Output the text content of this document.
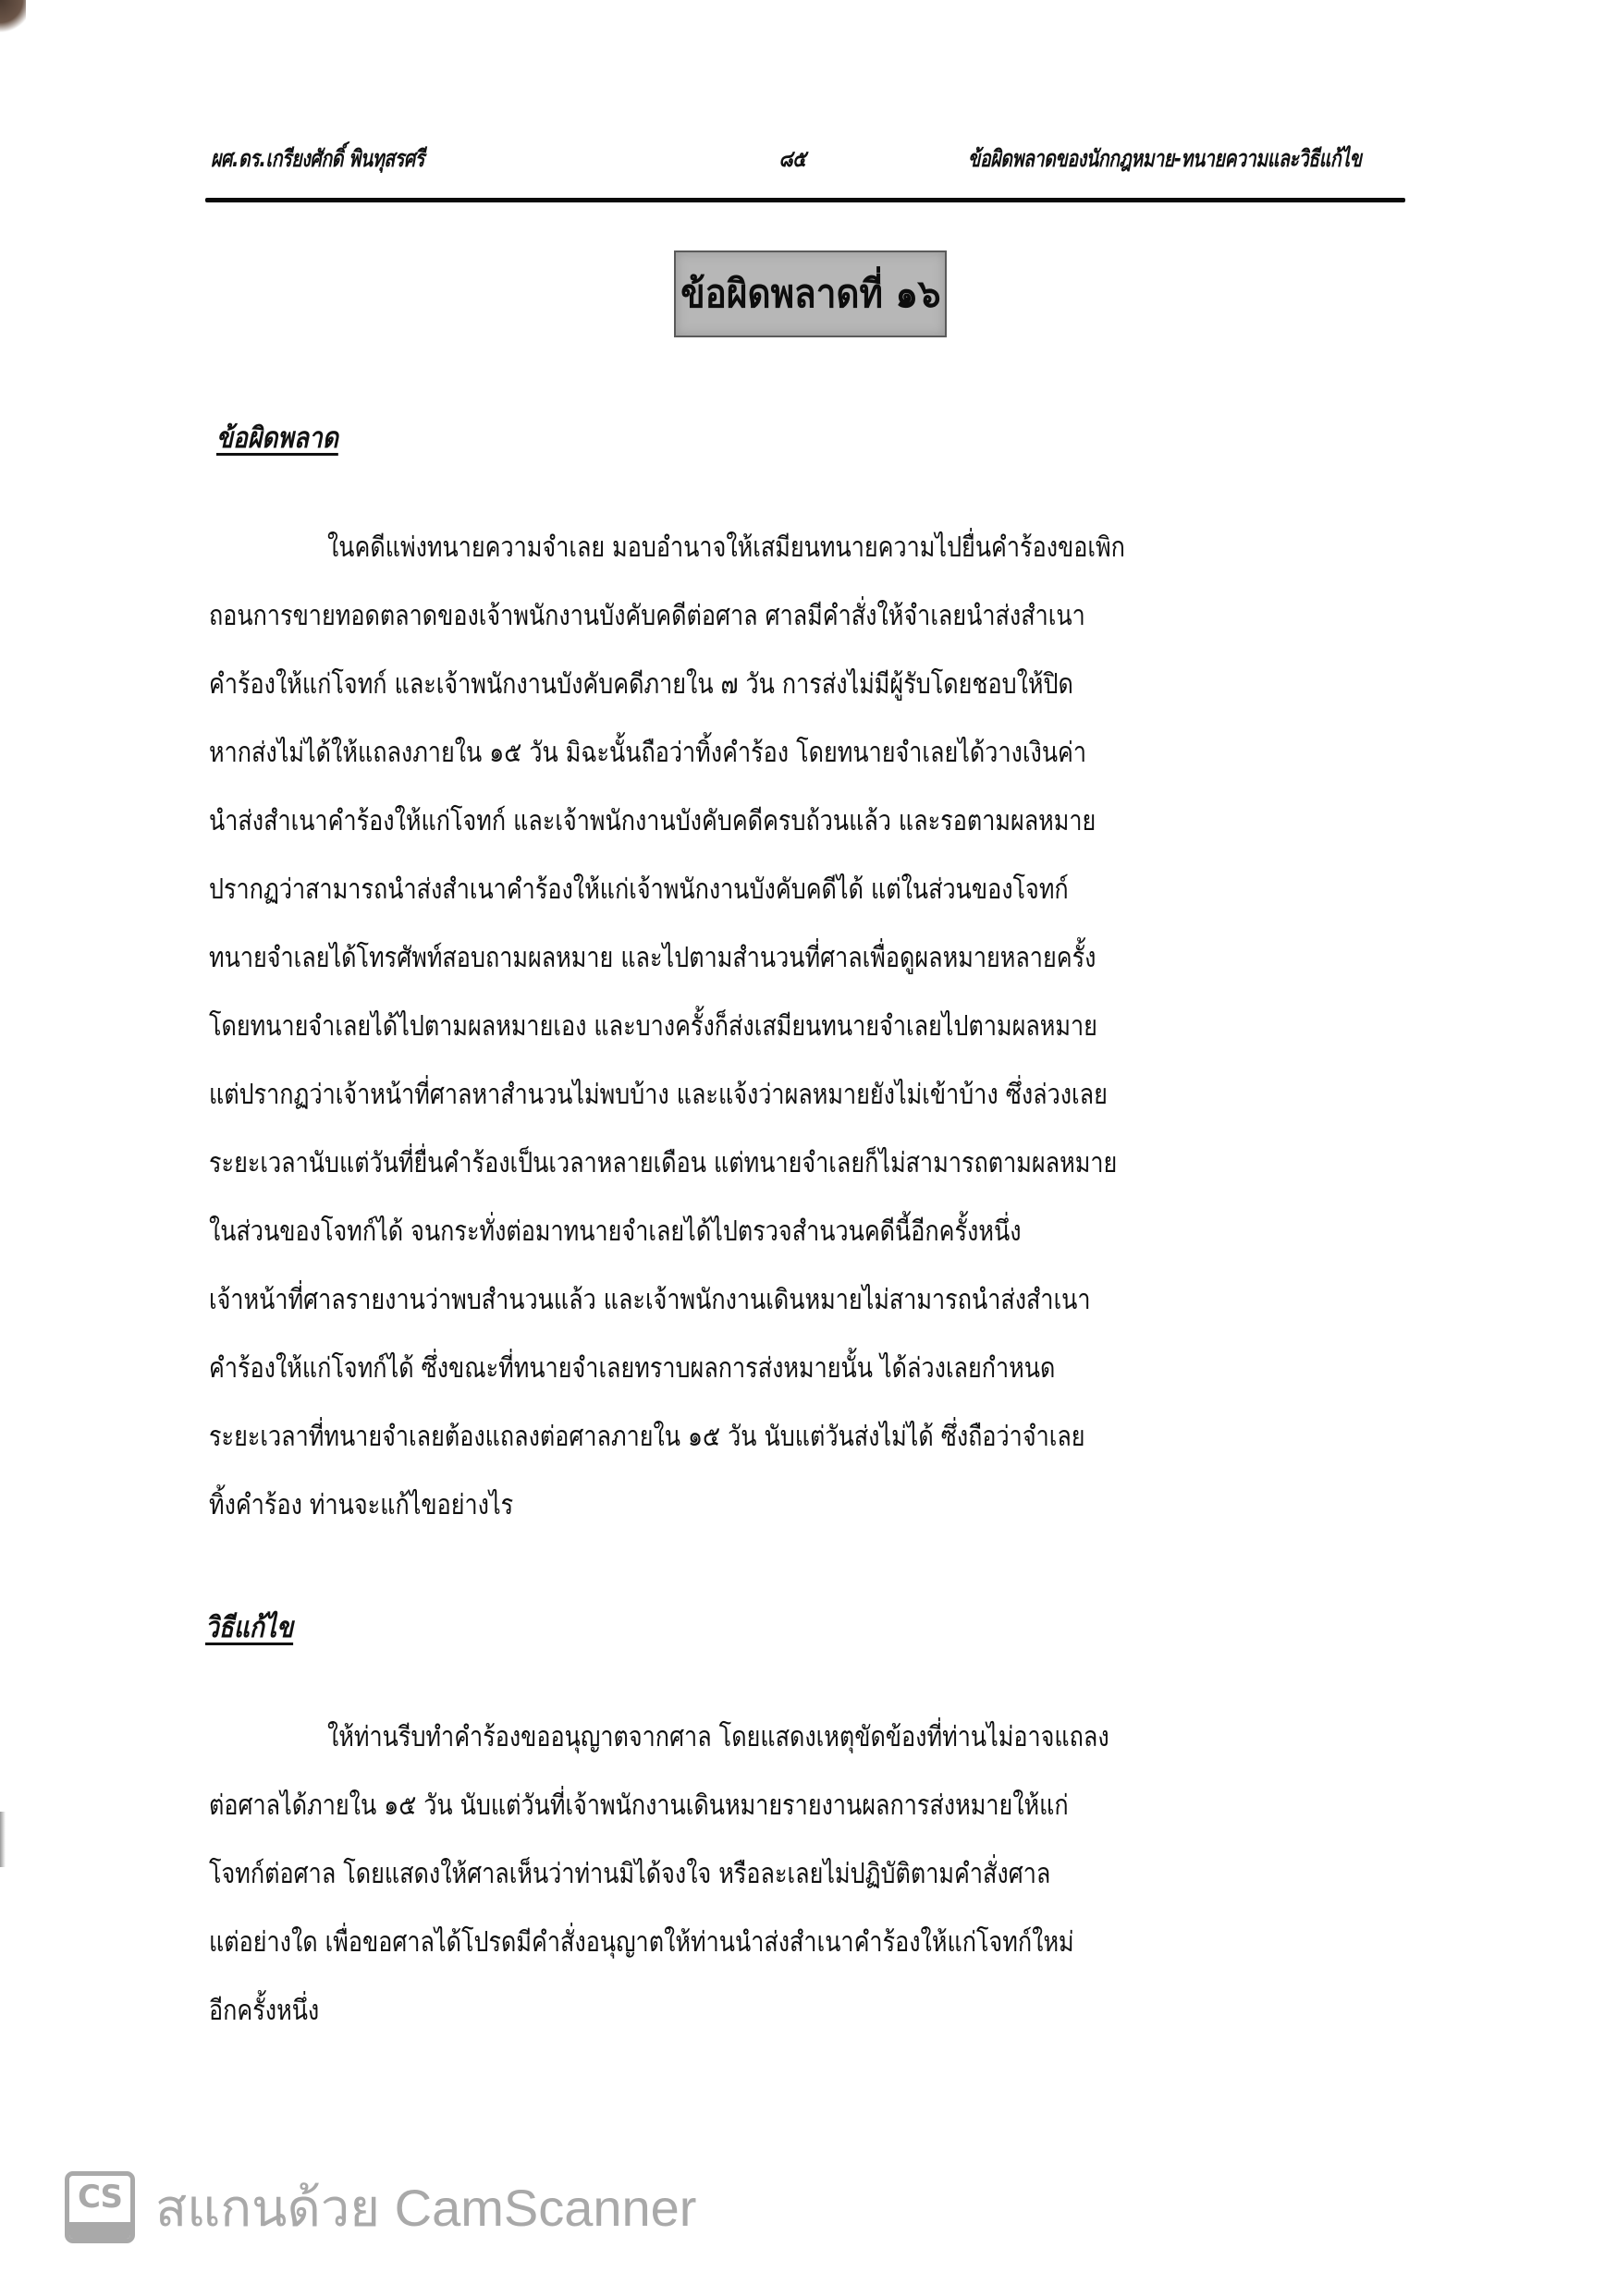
ผศ.ดร.เกรียงศักดิ์ พินทุสรศรี	๘๕	ข้อผิดพลาดของนักกฎหมาย-ทนายความและวิธีแก้ไข
ข้อผิดพลาดที่ ๑๖
ข้อผิดพลาด
ในคดีแพ่งทนายความจำเลย มอบอำนาจให้เสมียนทนายความไปยื่นคำร้องขอเพิก
ถอนการขายทอดตลาดของเจ้าพนักงานบังคับคดีต่อศาล ศาลมีคำสั่งให้จำเลยนำส่งสำเนา
คำร้องให้แก่โจทก์ และเจ้าพนักงานบังคับคดีภายใน ๗ วัน การส่งไม่มีผู้รับโดยชอบให้ปิด
หากส่งไม่ได้ให้แถลงภายใน ๑๕ วัน มิฉะนั้นถือว่าทิ้งคำร้อง โดยทนายจำเลยได้วางเงินค่า
นำส่งสำเนาคำร้องให้แก่โจทก์ และเจ้าพนักงานบังคับคดีครบถ้วนแล้ว และรอตามผลหมาย
ปรากฏว่าสามารถนำส่งสำเนาคำร้องให้แก่เจ้าพนักงานบังคับคดีได้ แต่ในส่วนของโจทก์
ทนายจำเลยได้โทรศัพท์สอบถามผลหมาย และไปตามสำนวนที่ศาลเพื่อดูผลหมายหลายครั้ง
โดยทนายจำเลยได้ไปตามผลหมายเอง และบางครั้งก็ส่งเสมียนทนายจำเลยไปตามผลหมาย
แต่ปรากฏว่าเจ้าหน้าที่ศาลหาสำนวนไม่พบบ้าง และแจ้งว่าผลหมายยังไม่เข้าบ้าง ซึ่งล่วงเลย
ระยะเวลานับแต่วันที่ยื่นคำร้องเป็นเวลาหลายเดือน แต่ทนายจำเลยก็ไม่สามารถตามผลหมาย
ในส่วนของโจทก์ได้ จนกระทั่งต่อมาทนายจำเลยได้ไปตรวจสำนวนคดีนี้อีกครั้งหนึ่ง
เจ้าหน้าที่ศาลรายงานว่าพบสำนวนแล้ว และเจ้าพนักงานเดินหมายไม่สามารถนำส่งสำเนา
คำร้องให้แก่โจทก์ได้ ซึ่งขณะที่ทนายจำเลยทราบผลการส่งหมายนั้น ได้ล่วงเลยกำหนด
ระยะเวลาที่ทนายจำเลยต้องแถลงต่อศาลภายใน ๑๕ วัน นับแต่วันส่งไม่ได้ ซึ่งถือว่าจำเลย
ทิ้งคำร้อง ท่านจะแก้ไขอย่างไร
วิธีแก้ไข
ให้ท่านรีบทำคำร้องขออนุญาตจากศาล โดยแสดงเหตุขัดข้องที่ท่านไม่อาจแถลง
ต่อศาลได้ภายใน ๑๕ วัน นับแต่วันที่เจ้าพนักงานเดินหมายรายงานผลการส่งหมายให้แก่
โจทก์ต่อศาล โดยแสดงให้ศาลเห็นว่าท่านมิได้จงใจ หรือละเลยไม่ปฏิบัติตามคำสั่งศาล
แต่อย่างใด เพื่อขอศาลได้โปรดมีคำสั่งอนุญาตให้ท่านนำส่งสำเนาคำร้องให้แก่โจทก์ใหม่
อีกครั้งหนึ่ง
CS สแกนด้วย CamScanner
